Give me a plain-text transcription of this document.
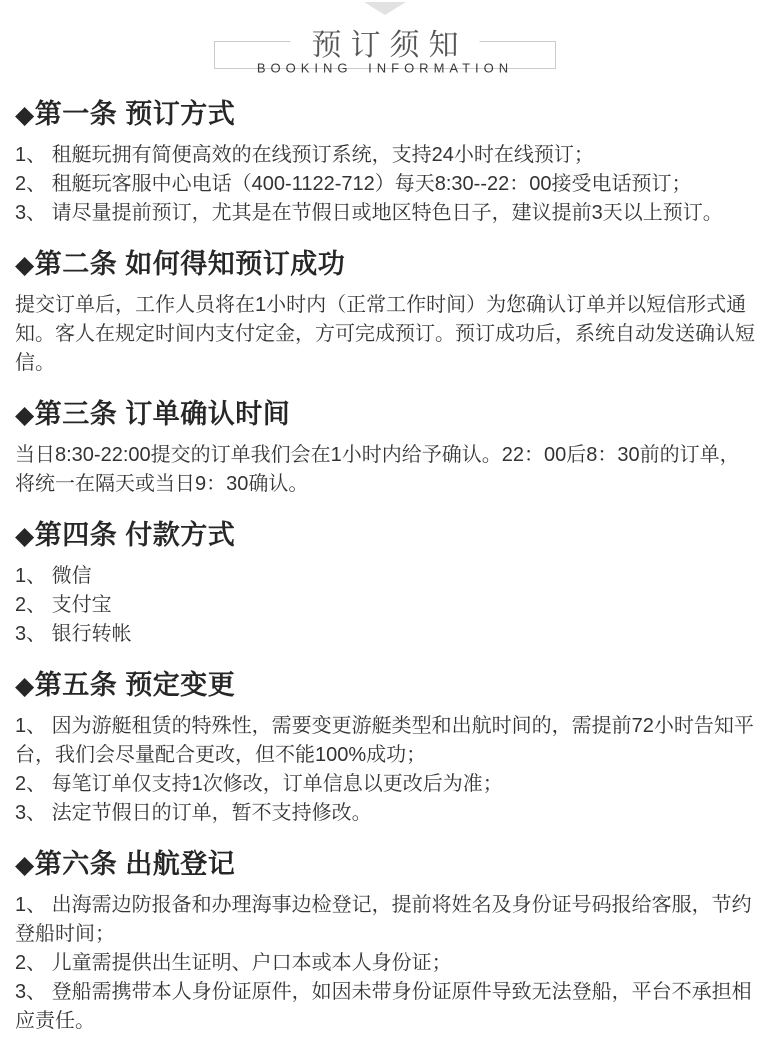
预订须知
BOOKING INFORMATION
◆第一条 预订方式

1、 租艇玩拥有简便高效的在线预订系统，支持24小时在线预订；

2、 租艇玩客服中心电话（400-1122-712）每天8:30--22：00接受电话预订；

3、 请尽量提前预订，尤其是在节假日或地区特色日子，建议提前3天以上预订。

◆第二条 如何得知预订成功

提交订单后，工作人员将在1小时内（正常工作时间）为您确认订单并以短信形式通知。客人在规定时间内支付定金，方可完成预订。预订成功后，系统自动发送确认短信。

◆第三条 订单确认时间

当日8:30-22:00提交的订单我们会在1小时内给予确认。22：00后8：30前的订单，将统一在隔天或当日9：30确认。

◆第四条 付款方式

1、 微信

2、 支付宝

3、 银行转帐

◆第五条 预定变更

1、 因为游艇租赁的特殊性，需要变更游艇类型和出航时间的，需提前72小时告知平台，我们会尽量配合更改，但不能100%成功；

2、 每笔订单仅支持1次修改，订单信息以更改后为准；

3、 法定节假日的订单，暂不支持修改。

◆第六条 出航登记

1、 出海需边防报备和办理海事边检登记，提前将姓名及身份证号码报给客服，节约登船时间；

2、 儿童需提供出生证明、户口本或本人身份证；

3、 登船需携带本人身份证原件，如因未带身份证原件导致无法登船，平台不承担相应责任。
